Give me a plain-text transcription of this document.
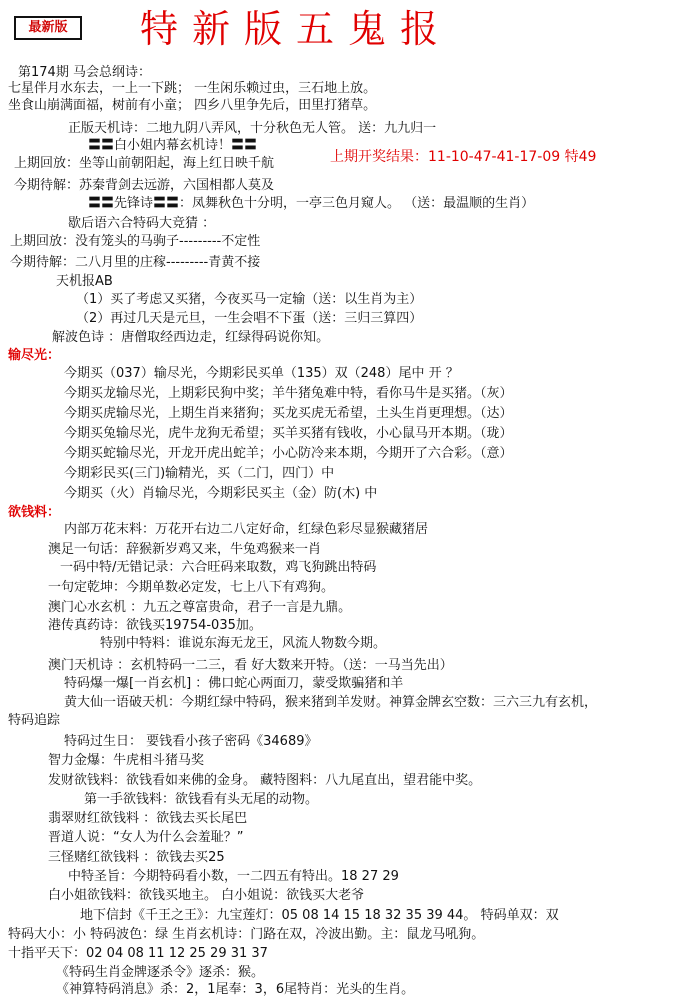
最新版	特新版五鬼报
上期开奖结果：11-10-47-41-17-09 特49
第174期 马会总纲诗：
七星伴月水东去，一上一下跳； 一生闲乐赖过虫，三石地上放。
坐食山崩满面福，树前有小童； 四乡八里争先后，田里打猪草。
正版天机诗：二地九阴八弄风，十分秋色无人管。 送：九九归一
〓〓白小姐内幕玄机诗！〓〓
上期回放：坐等山前朝阳起，海上红日映千航
今期待解：苏秦背剑去远游，六国相都人莫及
〓〓先锋诗〓〓：凤舞秋色十分明，一亭三色月窥人。 （送：最温顺的生肖）
歇后语六合特码大竞猜 ：
上期回放：没有笼头的马驹子---------不定性
今期待解：二八月里的庄稼---------青黄不接
天机报AB
（1）买了考虑又买猪，今夜买马一定输（送：以生肖为主）
（2）再过几天是元旦，一生会唱不下蛋（送：三归三算四）
解波色诗 ：唐僧取经西边走，红绿得码说你知。
输尽光：
今期买（037）输尽光，今期彩民买单（135）双（248）尾中 开 ？
今期买龙输尽光，上期彩民狗中奖；羊牛猪兔难中特，看你马牛是买猪。（灰）
今期买虎输尽光，上期生肖来猪狗；买龙买虎无希望，土头生肖更理想。（达）
今期买兔输尽光，虎牛龙狗无希望；买羊买猪有钱收，小心鼠马开本期。（珑）
今期买蛇输尽光，开龙开虎出蛇羊；小心防冷来本期，今期开了六合彩。（意）
今期彩民买(三门)输精光，买（二门，四门）中
今期买（火）肖输尽光，今期彩民买主（金）防(木) 中
欲钱料：
内部万花末料：万花开右边二八定好命，红绿色彩尽显猴藏猪居
澳足一句话：辞猴新岁鸡又来，牛兔鸡猴来一肖
一码中特/无错记录：六合旺码来取数，鸡飞狗跳出特码
一句定乾坤：今期单数必定发，七上八下有鸡狗。
澳门心水玄机 ：九五之尊富贵命，君子一言是九鼎。
港传真药诗：欲钱买19754-035加。
特别中特料：谁说东海无龙王，风流人物数今期。
澳门天机诗 ：玄机特码一二三，看 好大数来开特。（送：一马当先出）
特码爆一爆[一肖玄机] ：佛口蛇心两面刀，蒙受欺骗猪和羊
黄大仙一语破天机：今期红绿中特码，猴来猪到羊发财。神算金牌玄空数：三六三九有玄机，
特码追踪
特码过生日： 要钱看小孩子密码《34689》
智力金爆：牛虎相斗猪马奖
发财欲钱料：欲钱看如来佛的金身。 藏特图料：八九尾直出，望君能中奖。
第一手欲钱料：欲钱看有头无尾的动物。
翡翠财红欲钱料 ：欲钱去买长尾巴
晋道人说：“女人为什么会羞耻？”
三怪赌红欲钱料 ：欲钱去买25
中特圣旨：今期特码看小数，一二四五有特出。18 27 29
白小姐欲钱料：欲钱买地主。 白小姐说：欲钱买大老爷
地下信封《千王之王》：九宝莲灯：05 08 14 15 18 32 35 39 44。 特码单双：双
特码大小：小 特码波色：绿 生肖玄机诗：门路在双，冷波出勤。主：鼠龙马吼狗。
十指平天下：02 04 08 11 12 25 29 31 37
《特码生肖金牌逐杀令》逐杀：猴。
《神算特码消息》杀：2，1尾奉：3，6尾特肖：光头的生肖。
